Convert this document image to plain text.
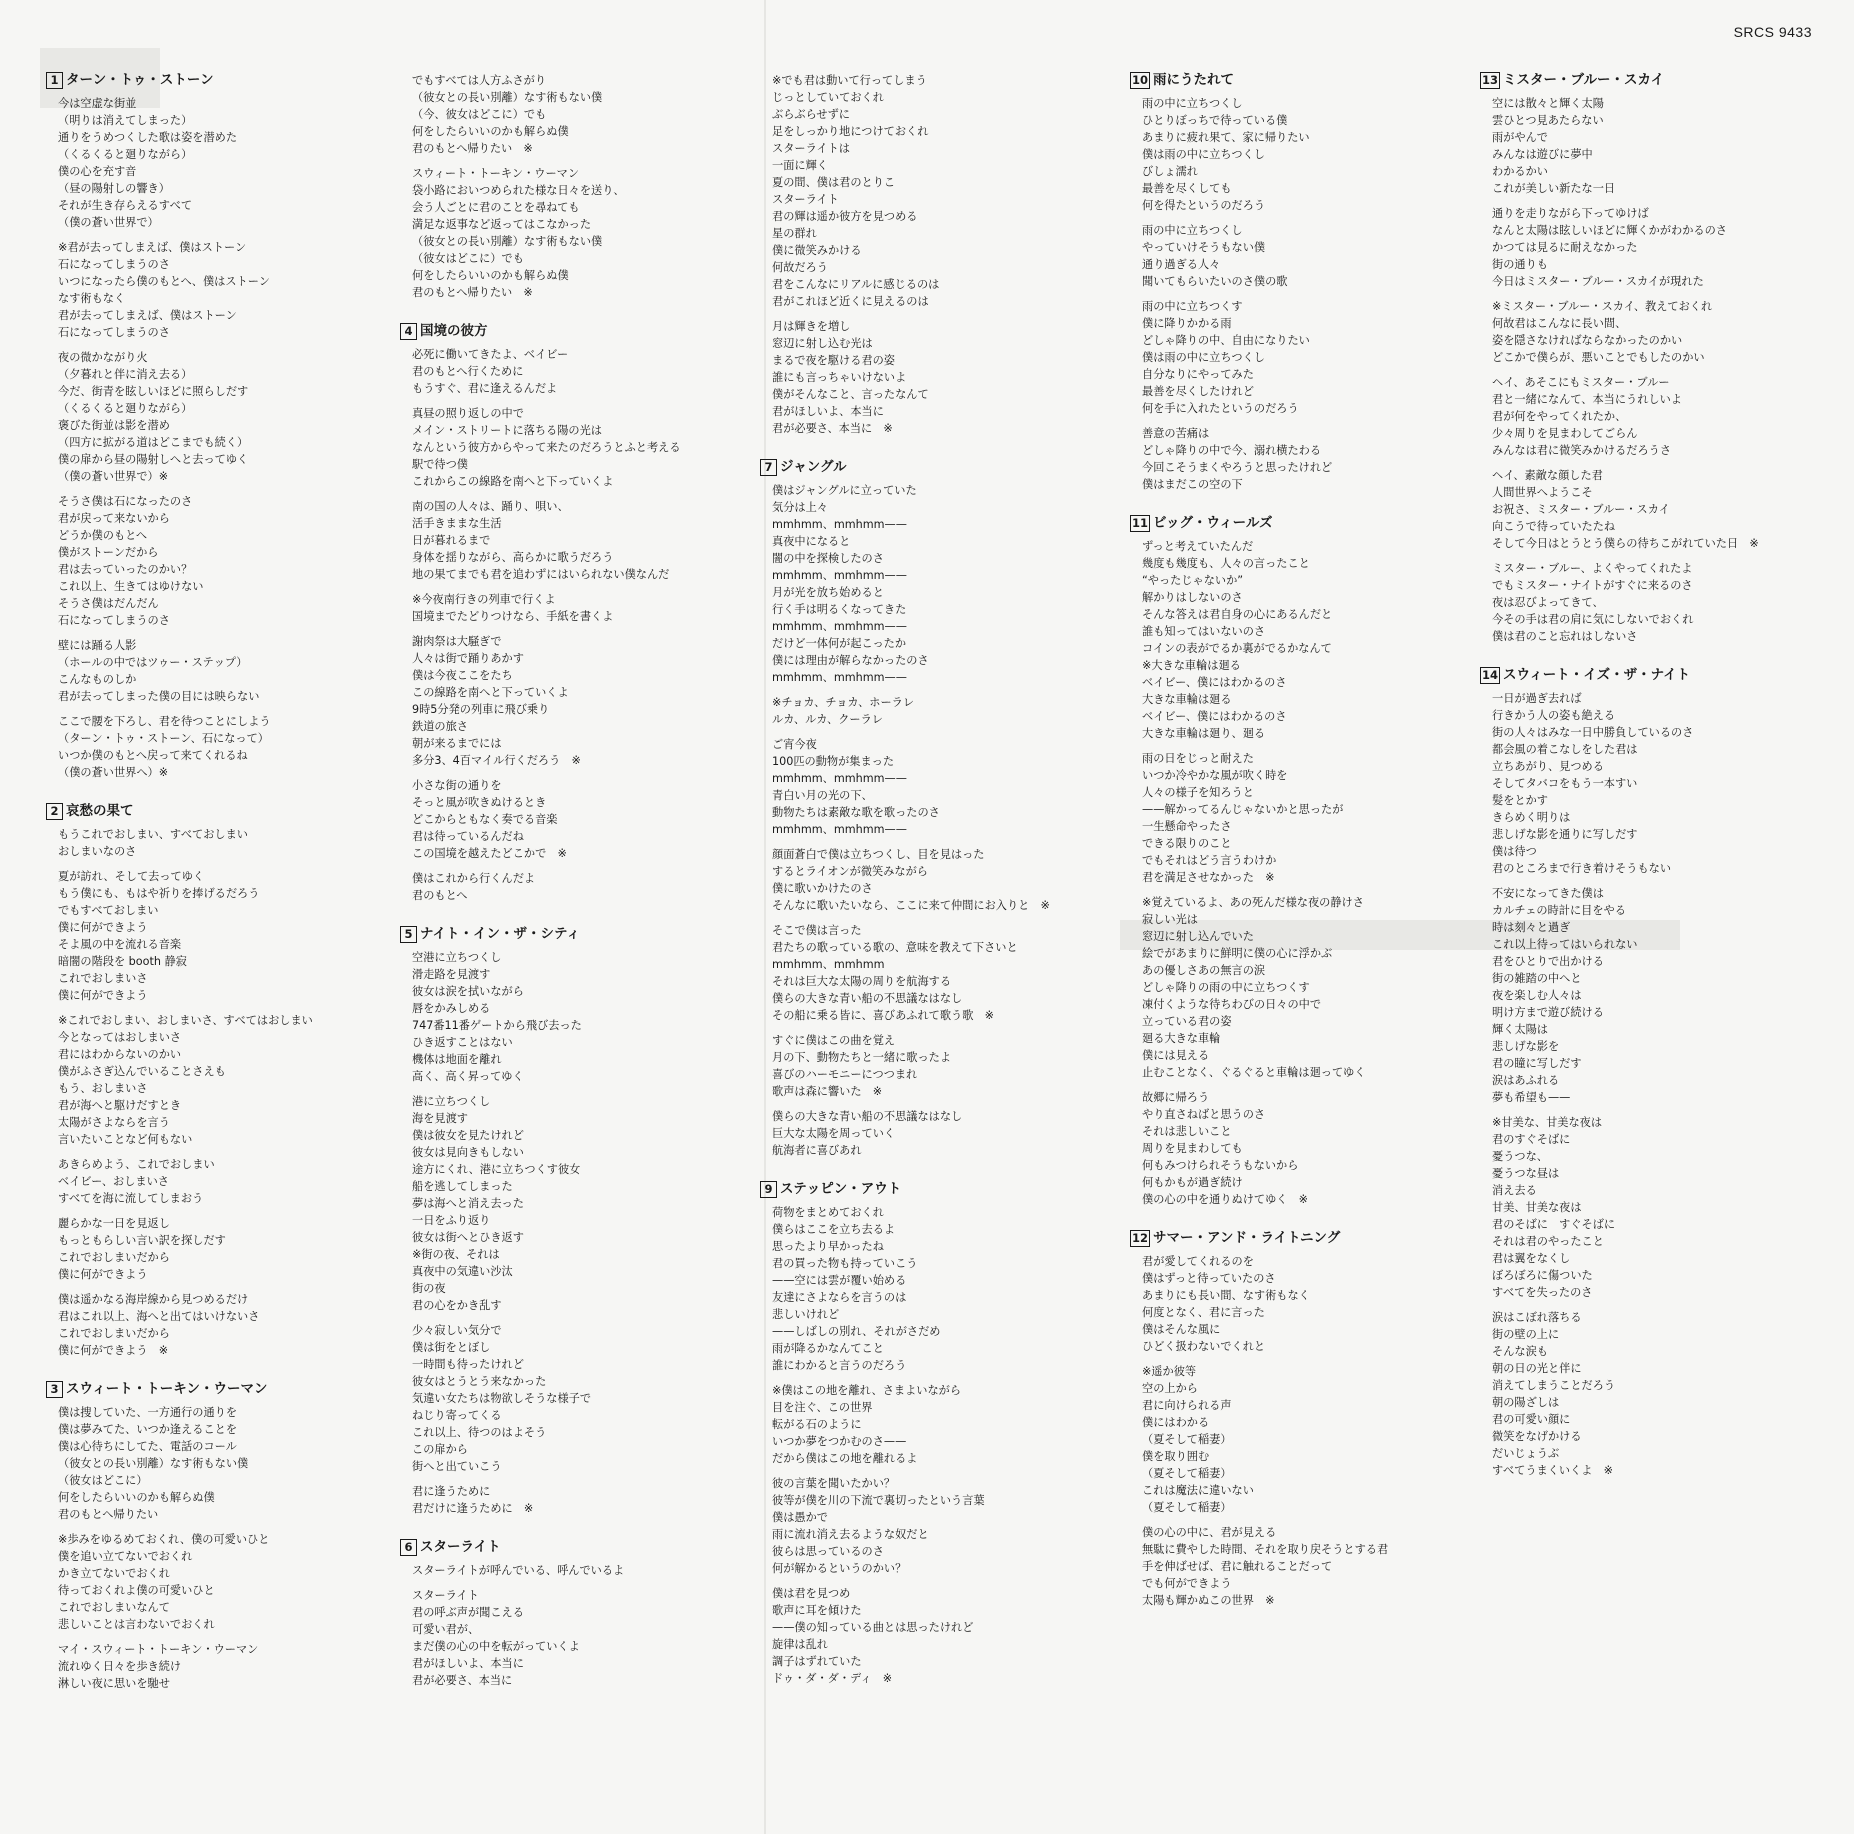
SRCS 9433
1 ターン・トゥ・ストーン
今は空虚な街並
（明りは消えてしまった）
通りをうめつくした歌は姿を潜めた
（くるくると廻りながら）
僕の心を充す音
（昼の陽射しの響き）
それが生き存らえるすべて
（僕の蒼い世界で）
※君が去ってしまえば、僕はストーン
石になってしまうのさ
いつになったら僕のもとへ、僕はストーン
なす術もなく
君が去ってしまえば、僕はストーン
石になってしまうのさ
夜の微かながり火
（夕暮れと伴に消え去る）
今だ、街青を眩しいほどに照らしだす
（くるくると廻りながら）
褒びた街並は影を潜め
（四方に拡がる道はどこまでも続く）
僕の扉から昼の陽射しへと去ってゆく
（僕の蒼い世界で）※
そうさ僕は石になったのさ
君が戻って来ないから
どうか僕のもとへ
僕がストーンだから
君は去っていったのかい？
これ以上、生きてはゆけない
そうさ僕はだんだん
石になってしまうのさ
壁には踊る人影
（ホールの中ではツゥー・ステップ）
こんなものしか
君が去ってしまった僕の目には映らない
ここで腰を下ろし、君を待つことにしよう
（ターン・トゥ・ストーン、石になって）
いつか僕のもとへ戻って来てくれるね
（僕の蒼い世界へ）※
2 哀愁の果て
もうこれでおしまい、すべておしまい
おしまいなのさ
夏が訪れ、そして去ってゆく
もう僕にも、もはや祈りを捧げるだろう
でもすべておしまい
僕に何ができよう
そよ風の中を流れる音楽
暗闇の階段を booth 静寂
これでおしまいさ
僕に何ができよう
※これでおしまい、おしまいさ、すべてはおしまい
今となってはおしまいさ
君にはわからないのかい
僕がふさぎ込んでいることさえも
もう、おしまいさ
君が海へと駆けだすとき
太陽がさよならを言う
言いたいことなど何もない
あきらめよう、これでおしまい
ベイビー、おしまいさ
すべてを海に流してしまおう
麗らかな一日を見返し
もっともらしい言い訳を探しだす
これでおしまいだから
僕に何ができよう
僕は遥かなる海岸線から見つめるだけ
君はこれ以上、海へと出てはいけないさ
これでおしまいだから
僕に何ができよう　※
3 スウィート・トーキン・ウーマン
僕は捜していた、一方通行の通りを
僕は夢みてた、いつか逢えることを
僕は心待ちにしてた、電話のコール
（彼女との長い別離）なす術もない僕
（彼女はどこに）
何をしたらいいのかも解らぬ僕
君のもとへ帰りたい
※歩みをゆるめておくれ、僕の可愛いひと
僕を追い立てないでおくれ
かき立てないでおくれ
待っておくれよ僕の可愛いひと
これでおしまいなんて
悲しいことは言わないでおくれ
マイ・スウィート・トーキン・ウーマン
流れゆく日々を歩き続け
淋しい夜に思いを馳せ
でもすべては人方ふさがり
（彼女との長い別離）なす術もない僕
（今、彼女はどこに）でも
何をしたらいいのかも解らぬ僕
君のもとへ帰りたい　※
スウィート・トーキン・ウーマン
袋小路においつめられた様な日々を送り、
会う人ごとに君のことを尋ねても
満足な返事など返ってはこなかった
（彼女との長い別離）なす術もない僕
（彼女はどこに）でも
何をしたらいいのかも解らぬ僕
君のもとへ帰りたい　※
4 国境の彼方
必死に働いてきたよ、ベイビー
君のもとへ行くために
もうすぐ、君に逢えるんだよ
真昼の照り返しの中で
メイン・ストリートに落ちる陽の光は
なんという彼方からやって来たのだろうとふと考える
駅で待つ僕
これからこの線路を南へと下っていくよ
南の国の人々は、踊り、唄い、
活手きままな生活
日が暮れるまで
身体を揺りながら、高らかに歌うだろう
地の果てまでも君を追わずにはいられない僕なんだ
※今夜南行きの列車で行くよ
国境までたどりつけなら、手紙を書くよ
謝肉祭は大騒ぎで
人々は街で踊りあかす
僕は今夜ここをたち
この線路を南へと下っていくよ
9時5分発の列車に飛び乗り
鉄道の旅さ
朝が来るまでには
多分3、4百マイル行くだろう　※
小さな街の通りを
そっと風が吹きぬけるとき
どこからともなく奏でる音楽
君は待っているんだね
この国境を越えたどこかで　※
僕はこれから行くんだよ
君のもとへ
5 ナイト・イン・ザ・シティ
空港に立ちつくし
滑走路を見渡す
彼女は涙を拭いながら
唇をかみしめる
747番11番ゲートから飛び去った
ひき返すことはない
機体は地面を離れ
高く、高く昇ってゆく
港に立ちつくし
海を見渡す
僕は彼女を見たけれど
彼女は見向きもしない
途方にくれ、港に立ちつくす彼女
船を逃してしまった
夢は海へと消え去った
一日をふり返り
彼女は街へとひき返す
※街の夜、それは
真夜中の気違い沙汰
街の夜
君の心をかき乱す
少々寂しい気分で
僕は街をとぼし
一時間も待ったけれど
彼女はとうとう来なかった
気違い女たちは物欲しそうな様子で
ねじり寄ってくる
これ以上、待つのはよそう
この扉から
街へと出ていこう
君に逢うために
君だけに逢うために　※
6 スターライト
スターライトが呼んでいる、呼んでいるよ
スターライト
君の呼ぶ声が聞こえる
可愛い君が、
まだ僕の心の中を転がっていくよ
君がほしいよ、本当に
君が必要さ、本当に
※でも君は動いて行ってしまう
じっとしていておくれ
ぶらぶらせずに
足をしっかり地につけておくれ
スターライトは
一面に輝く
夏の間、僕は君のとりこ
スターライト
君の輝は遥か彼方を見つめる
星の群れ
僕に微笑みかける
何故だろう
君をこんなにリアルに感じるのは
君がこれほど近くに見えるのは
月は輝きを増し
窓辺に射し込む光は
まるで夜を駆ける君の姿
誰にも言っちゃいけないよ
僕がそんなこと、言ったなんて
君がほしいよ、本当に
君が必要さ、本当に　※
7 ジャングル
僕はジャングルに立っていた
気分は上々
mmhmm、mmhmm——
真夜中になると
闇の中を探検したのさ
mmhmm、mmhmm——
月が光を放ち始めると
行く手は明るくなってきた
mmhmm、mmhmm——
だけど一体何が起こったか
僕には理由が解らなかったのさ
mmhmm、mmhmm——
※チョカ、チョカ、ホーラレ
ルカ、ルカ、クーラレ
ご宵今夜
100匹の動物が集まった
mmhmm、mmhmm——
青白い月の光の下、
動物たちは素敵な歌を歌ったのさ
mmhmm、mmhmm——
顔面蒼白で僕は立ちつくし、目を見はった
するとライオンが微笑みながら
僕に歌いかけたのさ
そんなに歌いたいなら、ここに来て仲間にお入りと　※
そこで僕は言った
君たちの歌っている歌の、意味を教えて下さいと
mmhmm、mmhmm
それは巨大な太陽の周りを航海する
僕らの大きな青い船の不思議なはなし
その船に乗る皆に、喜びあふれて歌う歌　※
すぐに僕はこの曲を覚え
月の下、動物たちと一緒に歌ったよ
喜びのハーモニーにつつまれ
歌声は森に響いた　※
僕らの大きな青い船の不思議なはなし
巨大な太陽を周っていく
航海者に喜びあれ
9 ステッピン・アウト
荷物をまとめておくれ
僕らはここを立ち去るよ
思ったより早かったね
君の買った物も持っていこう
——空には雲が覆い始める
友達にさよならを言うのは
悲しいけれど
——しばしの別れ、それがさだめ
雨が降るかなんてこと
誰にわかると言うのだろう
※僕はこの地を離れ、さまよいながら
目を注ぐ、この世界
転がる石のように
いつか夢をつかむのさ——
だから僕はこの地を離れるよ
彼の言葉を聞いたかい？
彼等が僕を川の下流で裏切ったという言葉
僕は愚かで
雨に流れ消え去るような奴だと
彼らは思っているのさ
何が解かるというのかい？
僕は君を見つめ
歌声に耳を傾けた
——僕の知っている曲とは思ったけれど
旋律は乱れ
調子はずれていた
ドゥ・ダ・ダ・ディ　※
10 雨にうたれて
雨の中に立ちつくし
ひとりぼっちで待っている僕
あまりに疲れ果て、家に帰りたい
僕は雨の中に立ちつくし
びしょ濡れ
最善を尽くしても
何を得たというのだろう
雨の中に立ちつくし
やっていけそうもない僕
通り過ぎる人々
聞いてもらいたいのさ僕の歌
雨の中に立ちつくす
僕に降りかかる雨
どしゃ降りの中、自由になりたい
僕は雨の中に立ちつくし
自分なりにやってみた
最善を尽くしたけれど
何を手に入れたというのだろう
善意の苦痛は
どしゃ降りの中で今、溺れ横たわる
今回こそうまくやろうと思ったけれど
僕はまだこの空の下
11 ビッグ・ウィールズ
ずっと考えていたんだ
幾度も幾度も、人々の言ったこと
“やったじゃないか”
解かりはしないのさ
そんな答えは君自身の心にあるんだと
誰も知ってはいないのさ
コインの表がでるか裏がでるかなんて
※大きな車輪は廻る
ベイビー、僕にはわかるのさ
大きな車輪は廻る
ベイビー、僕にはわかるのさ
大きな車輪は廻り、廻る
雨の日をじっと耐えた
いつか冷やかな風が吹く時を
人々の様子を知ろうと
——解かってるんじゃないかと思ったが
一生懸命やったさ
できる限りのこと
でもそれはどう言うわけか
君を満足させなかった　※
※覚えているよ、あの死んだ様な夜の静けさ
寂しい光は
窓辺に射し込んでいた
絵でがあまりに鮮明に僕の心に浮かぶ
あの優しさあの無言の涙
どしゃ降りの雨の中に立ちつくす
凍付くような待ちわびの日々の中で
立っている君の姿
廻る大きな車輪
僕には見える
止むことなく、ぐるぐると車輪は廻ってゆく
故郷に帰ろう
やり直さねばと思うのさ
それは悲しいこと
周りを見まわしても
何もみつけられそうもないから
何もかもが過ぎ続け
僕の心の中を通りぬけてゆく　※
12 サマー・アンド・ライトニング
君が愛してくれるのを
僕はずっと待っていたのさ
あまりにも長い間、なす術もなく
何度となく、君に言った
僕はそんな風に
ひどく扱わないでくれと
※遥か彼等
空の上から
君に向けられる声
僕にはわかる
（夏そして稲妻）
僕を取り囲む
（夏そして稲妻）
これは魔法に違いない
（夏そして稲妻）
僕の心の中に、君が見える
無駄に費やした時間、それを取り戻そうとする君
手を伸ばせば、君に触れることだって
でも何ができよう
太陽も輝かぬこの世界　※
13 ミスター・ブルー・スカイ
空には散々と輝く太陽
雲ひとつ見あたらない
雨がやんで
みんなは遊びに夢中
わかるかい
これが美しい新たな一日
通りを走りながら下ってゆけば
なんと太陽は眩しいほどに輝くかがわかるのさ
かつては見るに耐えなかった
街の通りも
今日はミスター・ブルー・スカイが現れた
※ミスター・ブルー・スカイ、教えておくれ
何故君はこんなに長い間、
姿を隠さなければならなかったのかい
どこかで僕らが、悪いことでもしたのかい
ヘイ、あそこにもミスター・ブルー
君と一緒になんて、本当にうれしいよ
君が何をやってくれたか、
少々周りを見まわしてごらん
みんなは君に微笑みかけるだろうさ
ヘイ、素敵な顔した君
人間世界へようこそ
お祝さ、ミスター・ブルー・スカイ
向こうで待っていたたね
そして今日はとうとう僕らの待ちこがれていた日　※
ミスター・ブルー、よくやってくれたよ
でもミスター・ナイトがすぐに来るのさ
夜は忍びよってきて、
今その手は君の肩に気にしないでおくれ
僕は君のこと忘れはしないさ
14 スウィート・イズ・ザ・ナイト
一日が過ぎ去れば
行きかう人の姿も絶える
街の人々はみな一日中勝負しているのさ
都会風の着こなしをした君は
立ちあがり、見つめる
そしてタバコをもう一本すい
髪をとかす
きらめく明りは
悲しげな影を通りに写しだす
僕は待つ
君のところまで行き着けそうもない
不安になってきた僕は
カルチェの時計に目をやる
時は刻々と過ぎ
これ以上待ってはいられない
君をひとりで出かける
街の雑踏の中へと
夜を楽しむ人々は
明け方まで遊び続ける
輝く太陽は
悲しげな影を
君の瞳に写しだす
涙はあふれる
夢も希望も——
※甘美な、甘美な夜は
君のすぐそばに
憂うつな、
憂うつな昼は
消え去る
甘美、甘美な夜は
君のそばに　すぐそばに
それは君のやったこと
君は翼をなくし
ぼろぼろに傷ついた
すべてを失ったのさ
涙はこぼれ落ちる
街の壁の上に
そんな涙も
朝の日の光と伴に
消えてしまうことだろう
朝の陽ざしは
君の可愛い顔に
微笑をなげかける
だいじょうぶ
すべてうまくいくよ　※
